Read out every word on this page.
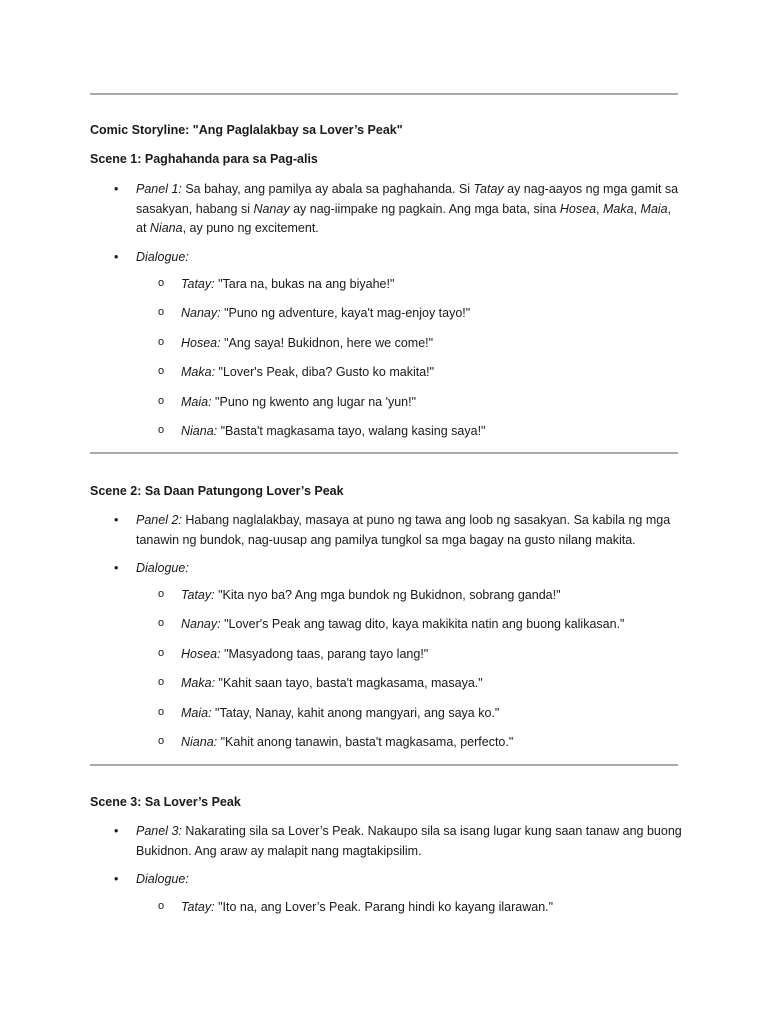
Comic Storyline: "Ang Paglalakbay sa Lover’s Peak"
Scene 1: Paghahanda para sa Pag-alis
•	Panel 1: Sa bahay, ang pamilya ay abala sa paghahanda. Si Tatay ay nag-aayos ng mga gamit sa sasakyan, habang si Nanay ay nag-iimpake ng pagkain. Ang mga bata, sina Hosea, Maka, Maia, at Niana, ay puno ng excitement.
•	Dialogue:
o	Tatay: "Tara na, bukas na ang biyahe!"
o	Nanay: "Puno ng adventure, kaya't mag-enjoy tayo!"
o	Hosea: "Ang saya! Bukidnon, here we come!"
o	Maka: "Lover's Peak, diba? Gusto ko makita!"
o	Maia: "Puno ng kwento ang lugar na 'yun!"
o	Niana: "Basta't magkasama tayo, walang kasing saya!"
Scene 2: Sa Daan Patungong Lover’s Peak
•	Panel 2: Habang naglalakbay, masaya at puno ng tawa ang loob ng sasakyan. Sa kabila ng mga tanawin ng bundok, nag-uusap ang pamilya tungkol sa mga bagay na gusto nilang makita.
•	Dialogue:
o	Tatay: "Kita nyo ba? Ang mga bundok ng Bukidnon, sobrang ganda!"
o	Nanay: "Lover's Peak ang tawag dito, kaya makikita natin ang buong kalikasan."
o	Hosea: "Masyadong taas, parang tayo lang!"
o	Maka: "Kahit saan tayo, basta't magkasama, masaya."
o	Maia: "Tatay, Nanay, kahit anong mangyari, ang saya ko."
o	Niana: "Kahit anong tanawin, basta't magkasama, perfecto."
Scene 3: Sa Lover’s Peak
•	Panel 3: Nakarating sila sa Lover’s Peak. Nakaupo sila sa isang lugar kung saan tanaw ang buong Bukidnon. Ang araw ay malapit nang magtakipsilim.
•	Dialogue:
o	Tatay: "Ito na, ang Lover’s Peak. Parang hindi ko kayang ilarawan."
